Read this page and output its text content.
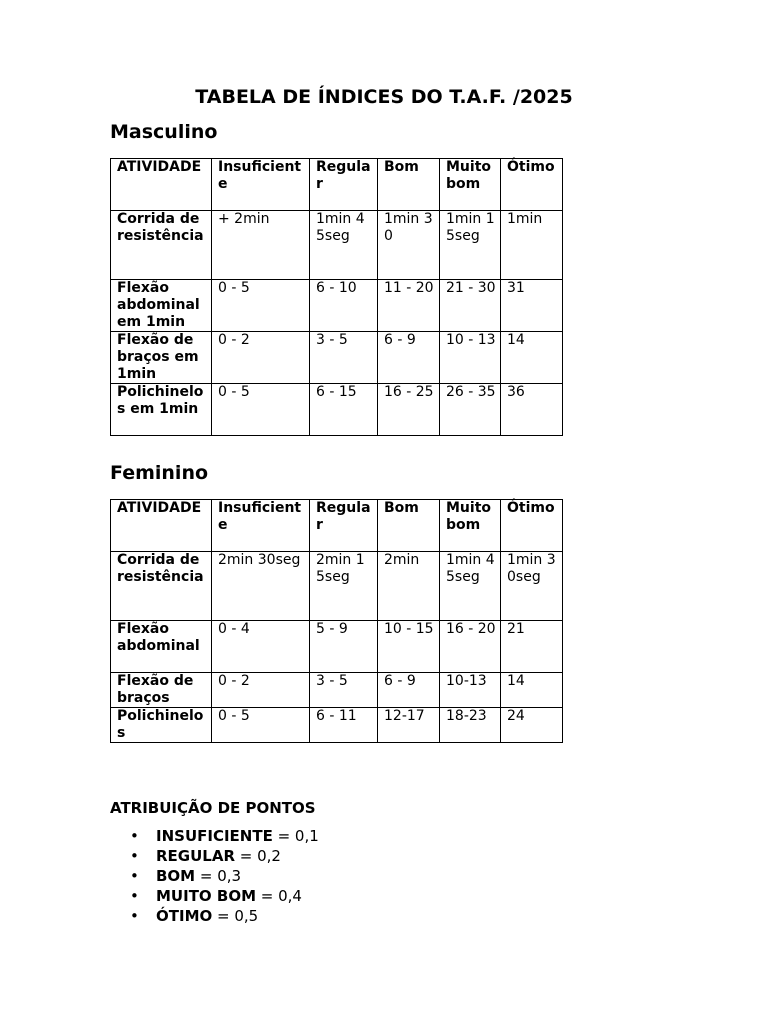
TABELA DE ÍNDICES DO T.A.F. /2025
Masculino
ATIVIDADE	Insuficiente	Regular	Bom	Muito bom	Ótimo
Corrida de resistência	+ 2min	1min 45seg	1min 30	1min 15seg	1min
Flexão abdominal em 1min	0 - 5	6 - 10	11 - 20	21 - 30	31
Flexão de braços em 1min	0 - 2	3 - 5	6 - 9	10 - 13	14
Polichinelos em 1min	0 - 5	6 - 15	16 - 25	26 - 35	36
Feminino
ATIVIDADE	Insuficiente	Regular	Bom	Muito bom	Ótimo
Corrida de resistência	2min 30seg	2min 15seg	2min	1min 45seg	1min 30seg
Flexão abdominal	0 - 4	5 - 9	10 - 15	16 - 20	21
Flexão de braços	0 - 2	3 - 5	6 - 9	10-13	14
Polichinelos	0 - 5	6 - 11	12-17	18-23	24
ATRIBUIÇÃO DE PONTOS
• INSUFICIENTE = 0,1
• REGULAR = 0,2
• BOM = 0,3
• MUITO BOM = 0,4
• ÓTIMO = 0,5
